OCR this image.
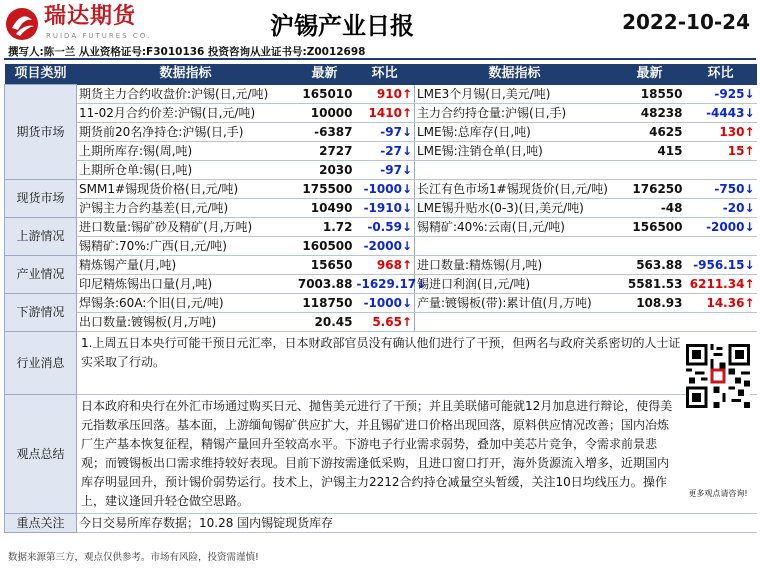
瑞达期货
RUIDA FUTURES CO.	沪锡产业日报	2022-10-24
撰写人:陈一兰 从业资格证号:F3010136 投资咨询从业证书号:Z0012698
项目类别	数据指标	最新	环比	数据指标	最新	环比
期货市场	期货主力合约收盘价:沪锡(日,元/吨)	165010	910↑	LME3个月锡(日,美元/吨)	18550	-925↓
	11-02月合约价差:沪锡(日,元/吨)	10000	1410↑	主力合约持仓量:沪锡(日,手)	48238	-4443↓
	期货前20名净持仓:沪锡(日,手)	-6387	-97↓	LME锡:总库存(日,吨)	4625	130↑
	上期所库存:锡(周,吨)	2727	-27↓	LME锡:注销仓单(日,吨)	415	15↑
	上期所仓单:锡(日,吨)	2030	-97↓			
现货市场	SMM1#锡现货价格(日,元/吨)	175500	-1000↓	长江有色市场1#锡现货价(日,元/吨)	176250	-750↓
	沪锡主力合约基差(日,元/吨)	10490	-1910↓	LME锡升贴水(0-3)(日,美元/吨)	-48	-20↓
上游情况	进口数量:锡矿砂及精矿(月,万吨)	1.72	-0.59↓	锡精矿:40%:云南(日,元/吨)	156500	-2000↓
	锡精矿:70%:广西(日,元/吨)	160500	-2000↓			
产业情况	精炼锡产量(月,吨)	15650	968↑	进口数量:精炼锡(月,吨)	563.88	-956.15↓
	印尼精炼锡出口量(月,吨)	7003.88	-1629.17↓	锡进口利润(日,元/吨)	5581.53	6211.34↑
下游情况	焊锡条:60A:个旧(日,元/吨)	118750	-1000↓	产量:镀锡板(带):累计值(月,万吨)	108.93	14.36↑
	出口数量:镀锡板(月,万吨)	20.45	5.65↑			
行业消息	1.上周五日本央行可能干预日元汇率，日本财政部官员没有确认他们进行了干预，但两名与政府关系密切的人士证实采取了行动。					
观点总结	日本政府和央行在外汇市场通过购买日元、抛售美元进行了干预；并且美联储可能就12月加息进行辩论，使得美元指数承压回落。基本面，上游缅甸锡矿供应扩大，并且锡矿进口价格出现回落，原料供应情况改善；国内冶炼厂生产基本恢复征程，精锡产量回升至较高水平。下游电子行业需求弱势，叠加中美芯片竞争，令需求前景悲观；而镀锡板出口需求维持较好表现。目前下游按需逢低采购，且进口窗口打开，海外货源流入增多，近期国内库存明显回升，预计锡价弱势运行。技术上，沪锡主力2212合约持仓减量空头暂缓，关注10日均线压力。操作上，建议逢回升轻仓做空思路。					
重点关注	今日交易所库存数据；10.28 国内锡锭现货库存					
更多观点请咨询!
数据来源第三方，观点仅供参考。市场有风险，投资需谨慎!
